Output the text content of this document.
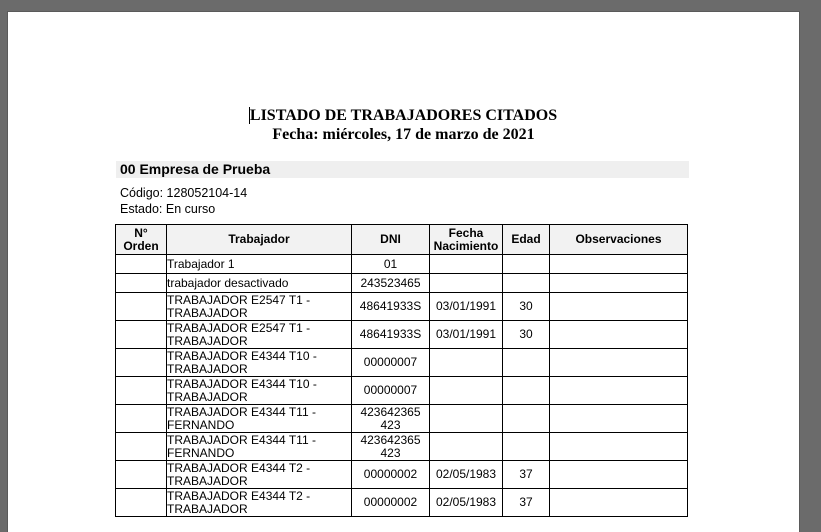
LISTADO DE TRABAJADORES CITADOS
Fecha: miércoles, 17 de marzo de 2021
00 Empresa de Prueba
Código: 128052104-14
Estado: En curso
N°
Orden	Trabajador	DNI	Fecha
Nacimiento	Edad	Observaciones
	Trabajador 1	01			
	trabajador desactivado	243523465			
	TRABAJADOR E2547 T1 -
TRABAJADOR	48641933S	03/01/1991	30	
	TRABAJADOR E2547 T1 -
TRABAJADOR	48641933S	03/01/1991	30	
	TRABAJADOR E4344 T10 -
TRABAJADOR	00000007			
	TRABAJADOR E4344 T10 -
TRABAJADOR	00000007			
	TRABAJADOR E4344 T11 -
FERNANDO	423642365
423			
	TRABAJADOR E4344 T11 -
FERNANDO	423642365
423			
	TRABAJADOR E4344 T2 -
TRABAJADOR	00000002	02/05/1983	37	
	TRABAJADOR E4344 T2 -
TRABAJADOR	00000002	02/05/1983	37	
